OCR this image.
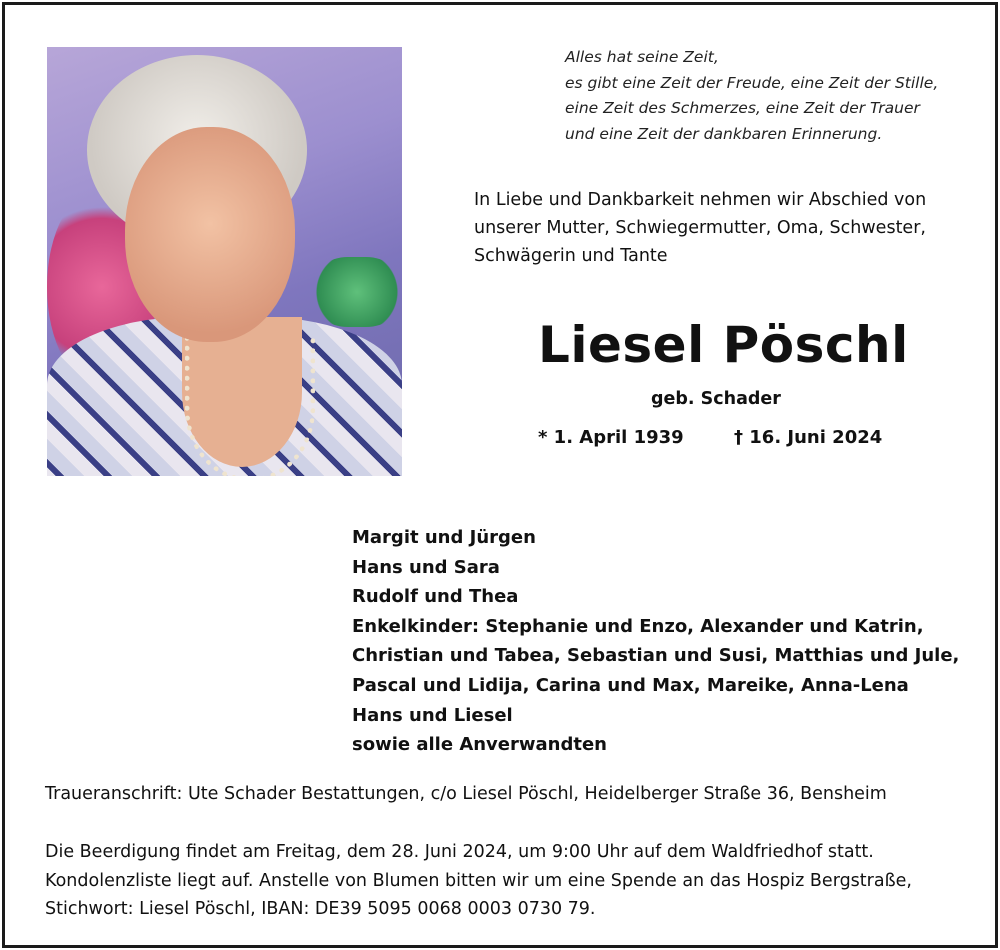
Alles hat seine Zeit,
es gibt eine Zeit der Freude, eine Zeit der Stille,
eine Zeit des Schmerzes, eine Zeit der Trauer
und eine Zeit der dankbaren Erinnerung.
In Liebe und Dankbarkeit nehmen wir Abschied von
unserer Mutter, Schwiegermutter, Oma, Schwester,
Schwägerin und Tante
Liesel Pöschl
geb. Schader
* 1. April 1939	† 16. Juni 2024
Margit und Jürgen
Hans und Sara
Rudolf und Thea
Enkelkinder: Stephanie und Enzo, Alexander und Katrin,
Christian und Tabea, Sebastian und Susi, Matthias und Jule,
Pascal und Lidija, Carina und Max, Mareike, Anna-Lena
Hans und Liesel
sowie alle Anverwandten
Traueranschrift: Ute Schader Bestattungen, c/o Liesel Pöschl, Heidelberger Straße 36, Bensheim
Die Beerdigung findet am Freitag, dem 28. Juni 2024, um 9:00 Uhr auf dem Waldfriedhof statt.
Kondolenzliste liegt auf. Anstelle von Blumen bitten wir um eine Spende an das Hospiz Bergstraße,
Stichwort: Liesel Pöschl, IBAN: DE39 5095 0068 0003 0730 79.
